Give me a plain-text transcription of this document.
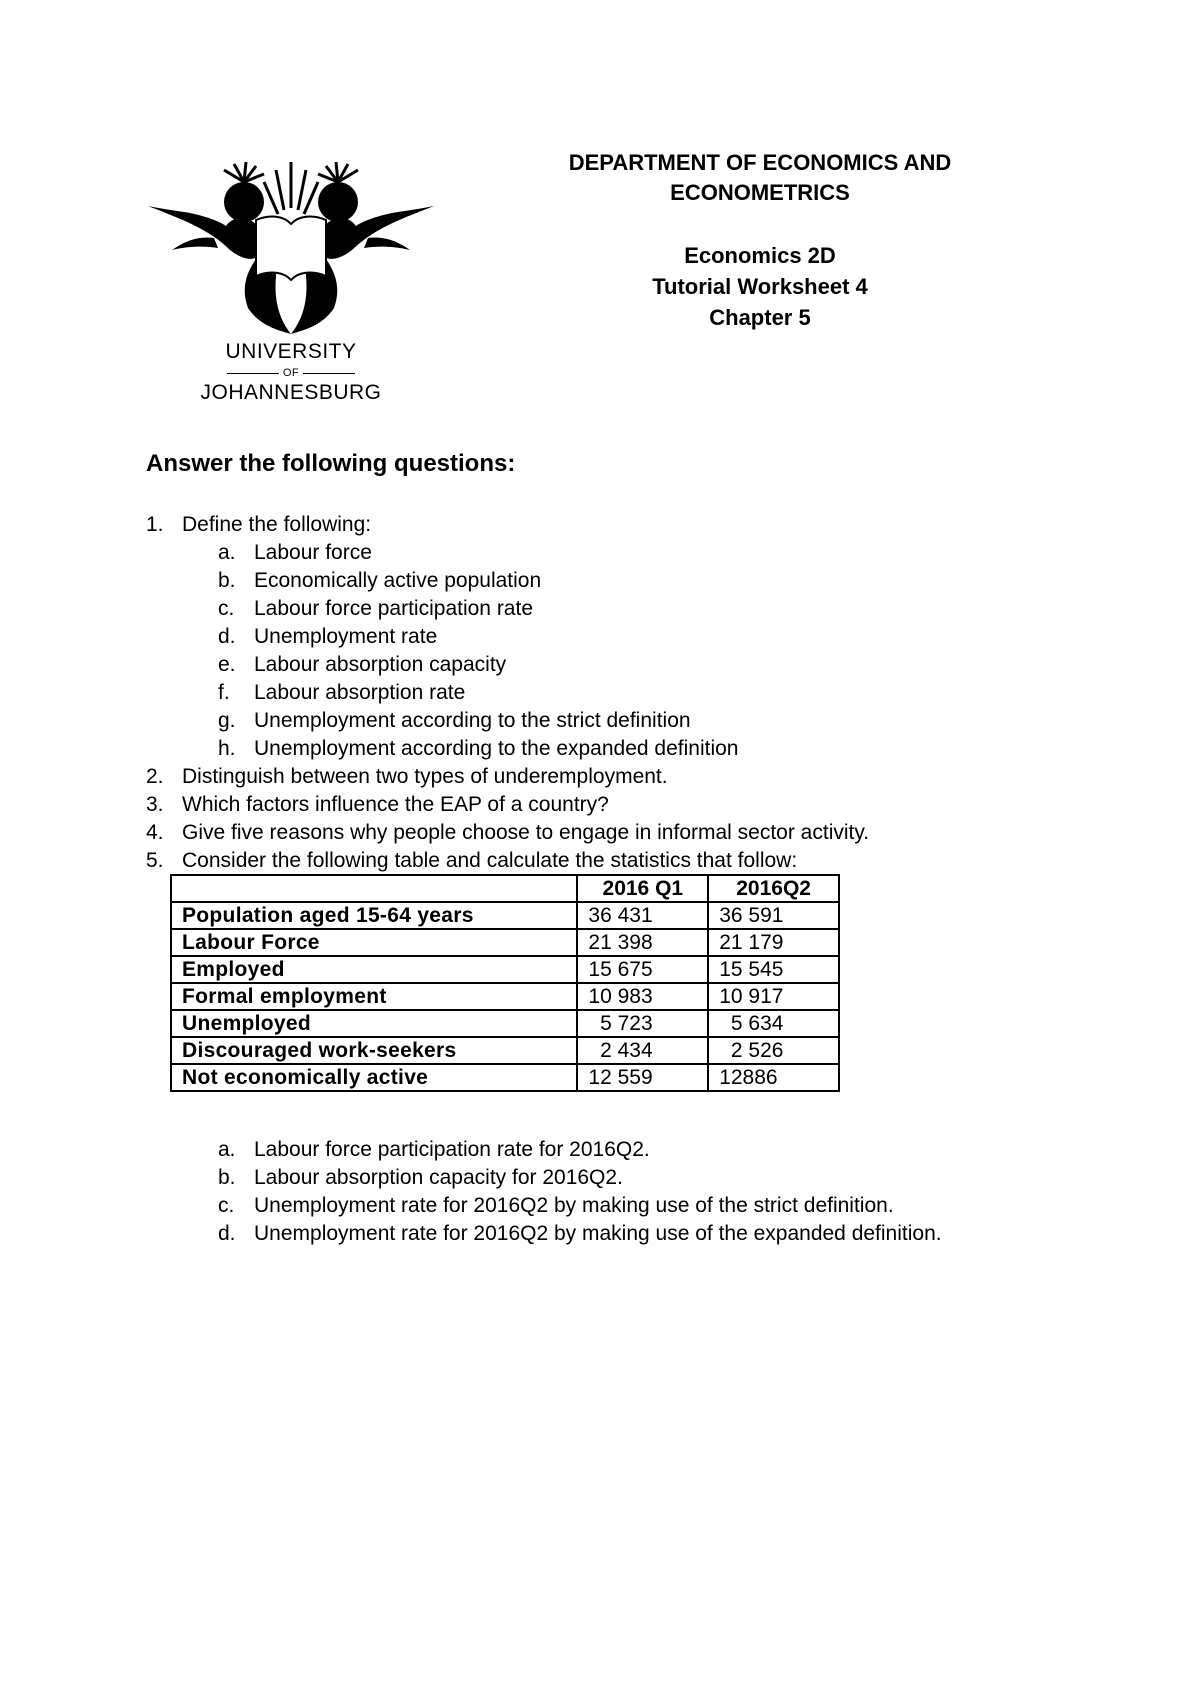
UNIVERSITY
OF
JOHANNESBURG
DEPARTMENT OF ECONOMICS AND
ECONOMETRICS
Economics 2D
Tutorial Worksheet 4
Chapter 5
Answer the following questions:
1. Define the following:
a. Labour force
b. Economically active population
c. Labour force participation rate
d. Unemployment rate
e. Labour absorption capacity
f. Labour absorption rate
g. Unemployment according to the strict definition
h. Unemployment according to the expanded definition
2. Distinguish between two types of underemployment.
3. Which factors influence the EAP of a country?
4. Give five reasons why people choose to engage in informal sector activity.
5. Consider the following table and calculate the statistics that follow:
	2016 Q1	2016Q2
Population aged 15-64 years	36 431	36 591
Labour Force	21 398	21 179
Employed	15 675	15 545
Formal employment	10 983	10 917
Unemployed	5 723	5 634
Discouraged work-seekers	2 434	2 526
Not economically active	12 559	12886
a. Labour force participation rate for 2016Q2.
b. Labour absorption capacity for 2016Q2.
c. Unemployment rate for 2016Q2 by making use of the strict definition.
d. Unemployment rate for 2016Q2 by making use of the expanded definition.
